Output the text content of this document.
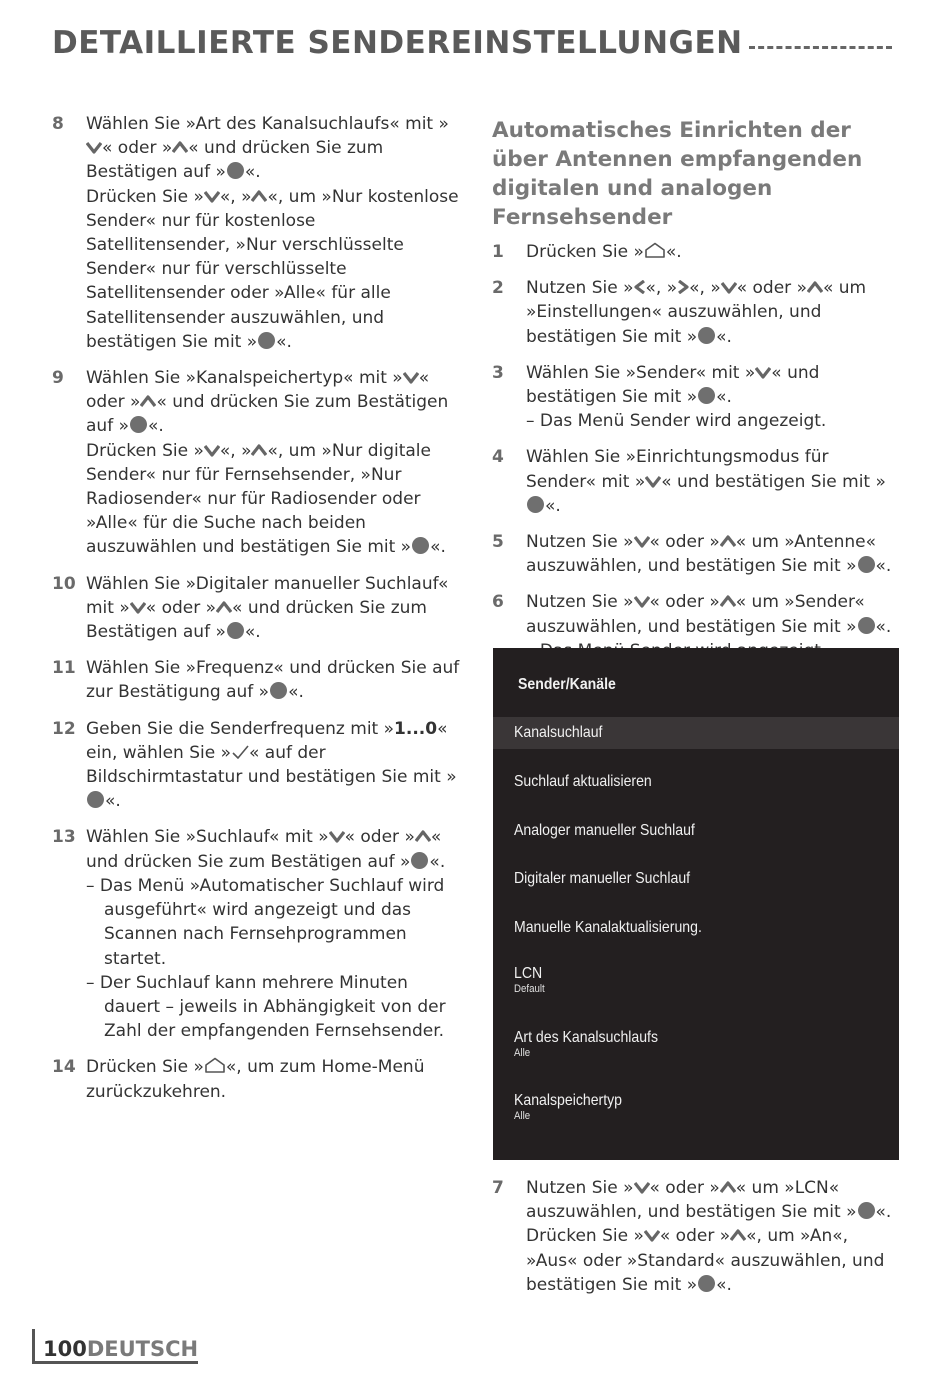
DETAILLIERTE SENDEREINSTELLUNGEN
8	Wählen Sie »Art des Kanalsuchlaufs« mit »« oder » « und drücken Sie zum Bestätigen auf » «.

Drücken Sie » «, » «, um »Nur kostenlose Sender« nur für kostenlose Satellitensender, »Nur verschlüsselte Sender« nur für verschlüsselte Satellitensender oder »Alle« für alle Satellitensender auszuwählen, und bestätigen Sie mit » «.

9	Wählen Sie »Kanalspeichertyp« mit » « oder » « und drücken Sie zum Bestätigen auf » «.

Drücken Sie » «, » «, um »Nur digitale Sender« nur für Fernsehsender, »Nur Radiosender« nur für Radiosender oder »Alle« für die Suche nach beiden auszuwählen und bestätigen Sie mit » «.

10 Wählen Sie »Digitaler manueller Suchlauf« mit » « oder » « und drücken Sie zum Bestätigen auf » «.

11 Wählen Sie »Frequenz« und drücken Sie auf zur Bestätigung auf » «.

12 Geben Sie die Senderfrequenz mit »1...0« ein, wählen Sie » « auf der Bildschirmtastatur und bestätigen Sie mit »«.

13 Wählen Sie »Suchlauf« mit » « oder » « und drücken Sie zum Bestätigen auf » «.

– Das Menü »Automatischer Suchlauf wird ausgeführt« wird angezeigt und das Scannen nach Fernsehprogrammen startet.

– Der Suchlauf kann mehrere Minuten dauert – jeweils in Abhängigkeit von der Zahl der empfangenden Fernsehsender.

14 Drücken Sie » «, um zum Home-Menü zurückzukehren.

Automatisches Einrichten der über Antennen empfangenden digitalen und analogen Fernsehsender
1	Drücken Sie » «.

2	Nutzen Sie » «, » «, » « oder » « um »Einstellungen« auszuwählen, und bestätigen Sie mit » «.

3	Wählen Sie »Sender« mit » « und bestätigen Sie mit » «.

– Das Menü Sender wird angezeigt.

4	Wählen Sie »Einrichtungsmodus für Sender« mit » « und bestätigen Sie mit »«.

5	Nutzen Sie » « oder » « um »Antenne« auszuwählen, und bestätigen Sie mit » «.

6	Nutzen Sie » « oder » « um »Sender« auszuwählen, und bestätigen Sie mit » «.

Sender/Kanäle
Kanalsuchlauf
Suchlauf aktualisieren
Analoger manueller Suchlauf
Digitaler manueller Suchlauf
Manuelle Kanalaktualisierung.
LCN
Default
Art des Kanalsuchlaufs
Alle
Kanalspeichertyp
Alle
7	Nutzen Sie » « oder » « um »LCN« auszuwählen, und bestätigen Sie mit » «.

Drücken Sie » « oder » «, um »An«, »Aus« oder »Standard« auszuwählen, und bestätigen Sie mit » «.

100 DEUTSCH
